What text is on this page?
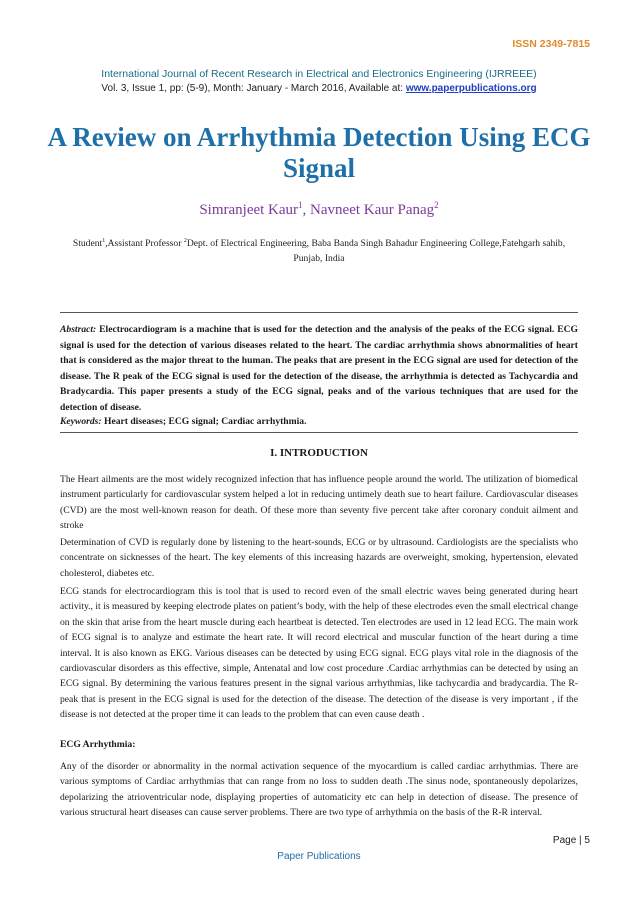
ISSN 2349-7815
International Journal of Recent Research in Electrical and Electronics Engineering (IJRREEE)
Vol. 3, Issue 1, pp: (5-9), Month: January - March 2016, Available at: www.paperpublications.org
A Review on Arrhythmia Detection Using ECG Signal
Simranjeet Kaur$^1$, Navneet Kaur Panag$^2$
Student$^1$,Assistant Professor $^2$Dept. of Electrical Engineering, Baba Banda Singh Bahadur Engineering College,Fatehgarh sahib, Punjab, India
Abstract: Electrocardiogram is a machine that is used for the detection and the analysis of the peaks of the ECG signal. ECG signal is used for the detection of various diseases related to the heart. The cardiac arrhythmia shows abnormalities of heart that is considered as the major threat to the human. The peaks that are present in the ECG signal are used for detection of the disease. The R peak of the ECG signal is used for the detection of the disease, the arrhythmia is detected as Tachycardia and Bradycardia. This paper presents a study of the ECG signal, peaks and of the various techniques that are used for the detection of disease.
Keywords: Heart diseases; ECG signal; Cardiac arrhythmia.
I. INTRODUCTION
The Heart ailments are the most widely recognized infection that has influence people around the world. The utilization of biomedical instrument particularly for cardiovascular system helped a lot in reducing untimely death sue to heart failure. Cardiovascular diseases (CVD) are the most well-known reason for death. Of these more than seventy five percent take after coronary conduit ailment and stroke
Determination of CVD is regularly done by listening to the heart-sounds, ECG or by ultrasound. Cardiologists are the specialists who concentrate on sicknesses of the heart. The key elements of this increasing hazards are overweight, smoking, hypertension, elevated cholesterol, diabetes etc.
ECG stands for electrocardiogram this is tool that is used to record even of the small electric waves being generated during heart activity., it is measured by keeping electrode plates on patient’s body, with the help of these electrodes even the small electrical change on the skin that arise from the heart muscle during each heartbeat is detected. Ten electrodes are used in 12 lead ECG. The main work of ECG signal is to analyze and estimate the heart rate. It will record electrical and muscular function of the heart during a time interval. It is also known as EKG. Various diseases can be detected by using ECG signal. ECG plays vital role in the diagnosis of the cardiovascular disorders as this effective, simple, Antenatal and low cost procedure .Cardiac arrhythmias can be detected by using an ECG signal. By determining the various features present in the signal various arrhythmias, like tachycardia and bradycardia. The R- peak that is present in the ECG signal is used for the detection of the disease. The detection of the disease is very important , if the disease is not detected at the proper time it can leads to the problem that can even cause death .
ECG Arrhythmia:
Any of the disorder or abnormality in the normal activation sequence of the myocardium is called cardiac arrhythmias. There are various symptoms of Cardiac arrhythmias that can range from no loss to sudden death .The sinus node, spontaneously depolarizes, depolarizing the atrioventricular node, displaying properties of automaticity etc can help in detection of disease. The presence of various structural heart diseases can cause server problems. There are two type of arrhythmia on the basis of the R-R interval.
Page | 5
Paper Publications
